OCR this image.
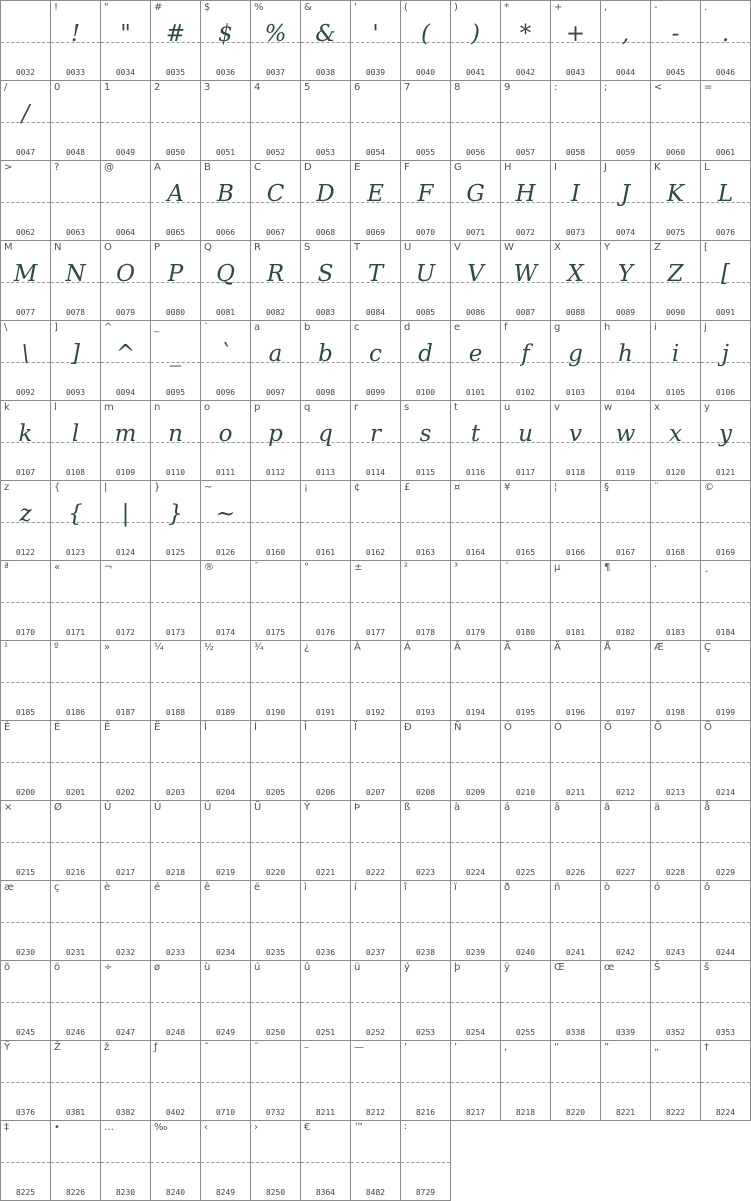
0032
!
!
0033
"
"
0034
#
#
0035
$
$
0036
%
%
0037
&
&
0038
'
'
0039
(
(
0040
)
)
0041
*
*
0042
+
+
0043
,
,
0044
-
-
0045
.
.
0046
/
/
0047
0
0048
1
0049
2
0050
3
0051
4
0052
5
0053
6
0054
7
0055
8
0056
9
0057
:
0058
;
0059
<
0060
=
0061
>
0062
?
0063
@
0064
A
A
0065
B
B
0066
C
C
0067
D
D
0068
E
E
0069
F
F
0070
G
G
0071
H
H
0072
I
I
0073
J
J
0074
K
K
0075
L
L
0076
M
M
0077
N
N
0078
O
O
0079
P
P
0080
Q
Q
0081
R
R
0082
S
S
0083
T
T
0084
U
U
0085
V
V
0086
W
W
0087
X
X
0088
Y
Y
0089
Z
Z
0090
[
[
0091
\
\
0092
]
]
0093
^
^
0094
_
_
0095
`
`
0096
a
a
0097
b
b
0098
c
c
0099
d
d
0100
e
e
0101
f
f
0102
g
g
0103
h
h
0104
i
i
0105
j
j
0106
k
k
0107
l
l
0108
m
m
0109
n
n
0110
o
o
0111
p
p
0112
q
q
0113
r
r
0114
s
s
0115
t
t
0116
u
u
0117
v
v
0118
w
w
0119
x
x
0120
y
y
0121
z
z
0122
{
{
0123
|
|
0124
}
}
0125
~
~
0126	0160
¡
0161
¢
0162
£
0163
¤
0164
¥
0165
¦
0166
§
0167
¨
0168
©
0169
ª
0170
«
0171
¬
0172	0173
®
0174
¯
0175
°
0176
±
0177
²
0178
³
0179
´
0180
µ
0181
¶
0182
·
0183
¸
0184
¹
0185
º
0186
»
0187
¼
0188
½
0189
¾
0190
¿
0191
À
0192
Á
0193
Â
0194
Ã
0195
Ä
0196
Å
0197
Æ
0198
Ç
0199
È
0200
É
0201
Ê
0202
Ë
0203
Ì
0204
Í
0205
Î
0206
Ï
0207
Ð
0208
Ñ
0209
Ò
0210
Ó
0211
Ô
0212
Õ
0213
Ö
0214
×
0215
Ø
0216
Ù
0217
Ú
0218
Û
0219
Ü
0220
Ý
0221
Þ
0222
ß
0223
à
0224
á
0225
â
0226
ã
0227
ä
0228
å
0229
æ
0230
ç
0231
è
0232
é
0233
ê
0234
ë
0235
ì
0236
í
0237
î
0238
ï
0239
ð
0240
ñ
0241
ò
0242
ó
0243
ô
0244
õ
0245
ö
0246
÷
0247
ø
0248
ù
0249
ú
0250
û
0251
ü
0252
ý
0253
þ
0254
ÿ
0255
Œ
0338
œ
0339
Š
0352
š
0353
Ÿ
0376
Ž
0381
ž
0382
ƒ
0402
ˆ
0710
˜
0732
–
8211
—
8212
‘
8216
’
8217
‚
8218
“
8220
”
8221
„
8222
†
8224
‡
8225
•
8226
…
8230
‰
8240
‹
8249
›
8250
€
8364
™
8482
∶
8729
